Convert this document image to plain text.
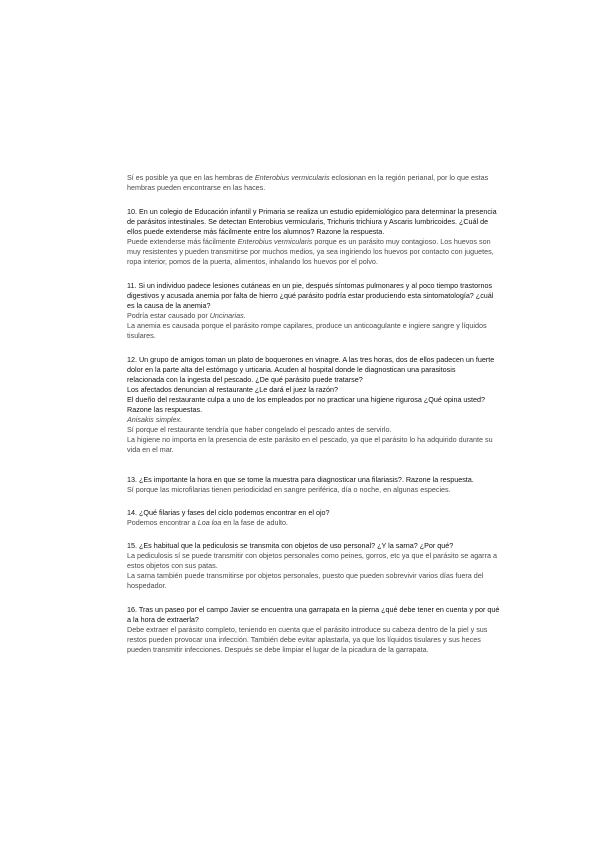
Sí es posible ya que en las hembras de Enterobius vermicularis eclosionan en la región perianal, por lo que estas

hembras pueden encontrarse en las haces.

10. En un colegio de Educación infantil y Primaria se realiza un estudio epidemiológico para determinar la presencia

de parásitos intestinales. Se detectan Enterobius vermicularis, Trichuris trichiura y Ascaris lumbricoides. ¿Cuál de

ellos puede extenderse más fácilmente entre los alumnos? Razone la respuesta.

Puede extenderse más fácilmente Enterobius vermicularis porque es un parásito muy contagioso. Los huevos son

muy resistentes y pueden transmitirse por muchos medios, ya sea ingiriendo los huevos por contacto con juguetes,

ropa interior, pomos de la puerta, alimentos, inhalando los huevos por el polvo.

11. Si un individuo padece lesiones cutáneas en un pie, después síntomas pulmonares y al poco tiempo trastornos

digestivos y acusada anemia por falta de hierro ¿qué parásito podría estar produciendo esta sintomatología? ¿cuál

es la causa de la anemia?

Podría estar causado por Uncinarias.

La anemia es causada porque el parásito rompe capilares, produce un anticoagulante e ingiere sangre y líquidos

tisulares.

12. Un grupo de amigos toman un plato de boquerones en vinagre. A las tres horas, dos de ellos padecen un fuerte

dolor en la parte alta del estómago y urticaria. Acuden al hospital donde le diagnostican una parasitosis

relacionada con la ingesta del pescado. ¿De qué parásito puede tratarse?

Los afectados denuncian al restaurante ¿Le dará el juez la razón?

El dueño del restaurante culpa a uno de los empleados por no practicar una higiene rigurosa ¿Qué opina usted?

Razone las respuestas.

Anisakis simplex.

Sí porque el restaurante tendría que haber congelado el pescado antes de servirlo.

La higiene no importa en la presencia de este parásito en el pescado, ya que el parásito lo ha adquirido durante su

vida en el mar.

13. ¿Es importante la hora en que se tome la muestra para diagnosticar una filariasis?. Razone la respuesta.

Sí porque las microfilarias tienen periodicidad en sangre periférica, día o noche, en algunas especies.

14. ¿Qué filarias y fases del ciclo podemos encontrar en el ojo?

Podemos encontrar a Loa loa en la fase de adulto.

15. ¿Es habitual que la pediculosis se transmita con objetos de uso personal? ¿Y la sarna? ¿Por qué?

La pediculosis sí se puede transmitir con objetos personales como peines, gorros, etc ya que el parásito se agarra a

estos objetos con sus patas.

La sarna también puede transmitirse por objetos personales, puesto que pueden sobrevivir varios días fuera del

hospedador.

16. Tras un paseo por el campo Javier se encuentra una garrapata en la pierna ¿qué debe tener en cuenta y por qué

a la hora de extraerla?

Debe extraer el parásito completo, teniendo en cuenta que el parásito introduce su cabeza dentro de la piel y sus

restos pueden provocar una infección. También debe evitar aplastarla, ya que los líquidos tisulares y sus heces

pueden transmitir infecciones. Después se debe limpiar el lugar de la picadura de la garrapata.
